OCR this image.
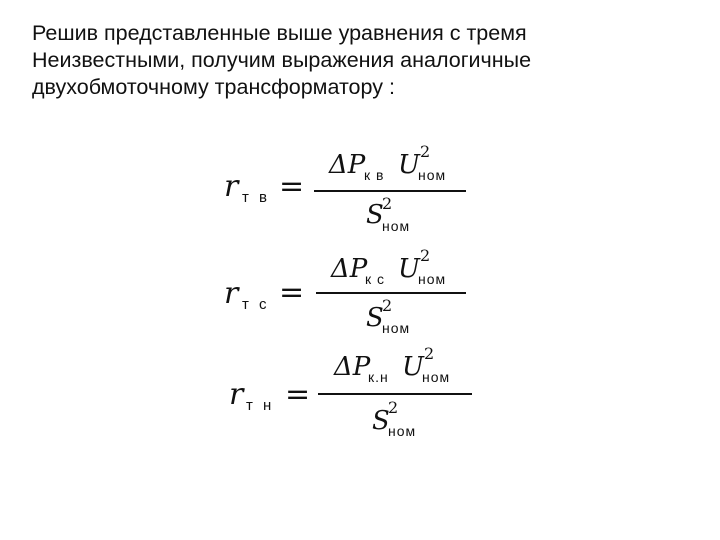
Решив представленные выше уравнения с тремя
Неизвестными, получим выражения аналогичные
двухобмоточному трансформатору :

r т в =
ΔP
к в U 2
ном
S
2
ном
r т с =
ΔP
к с U 2
ном
S
2
ном
r т н =
ΔP
к.н U 2
ном
S
2
ном
